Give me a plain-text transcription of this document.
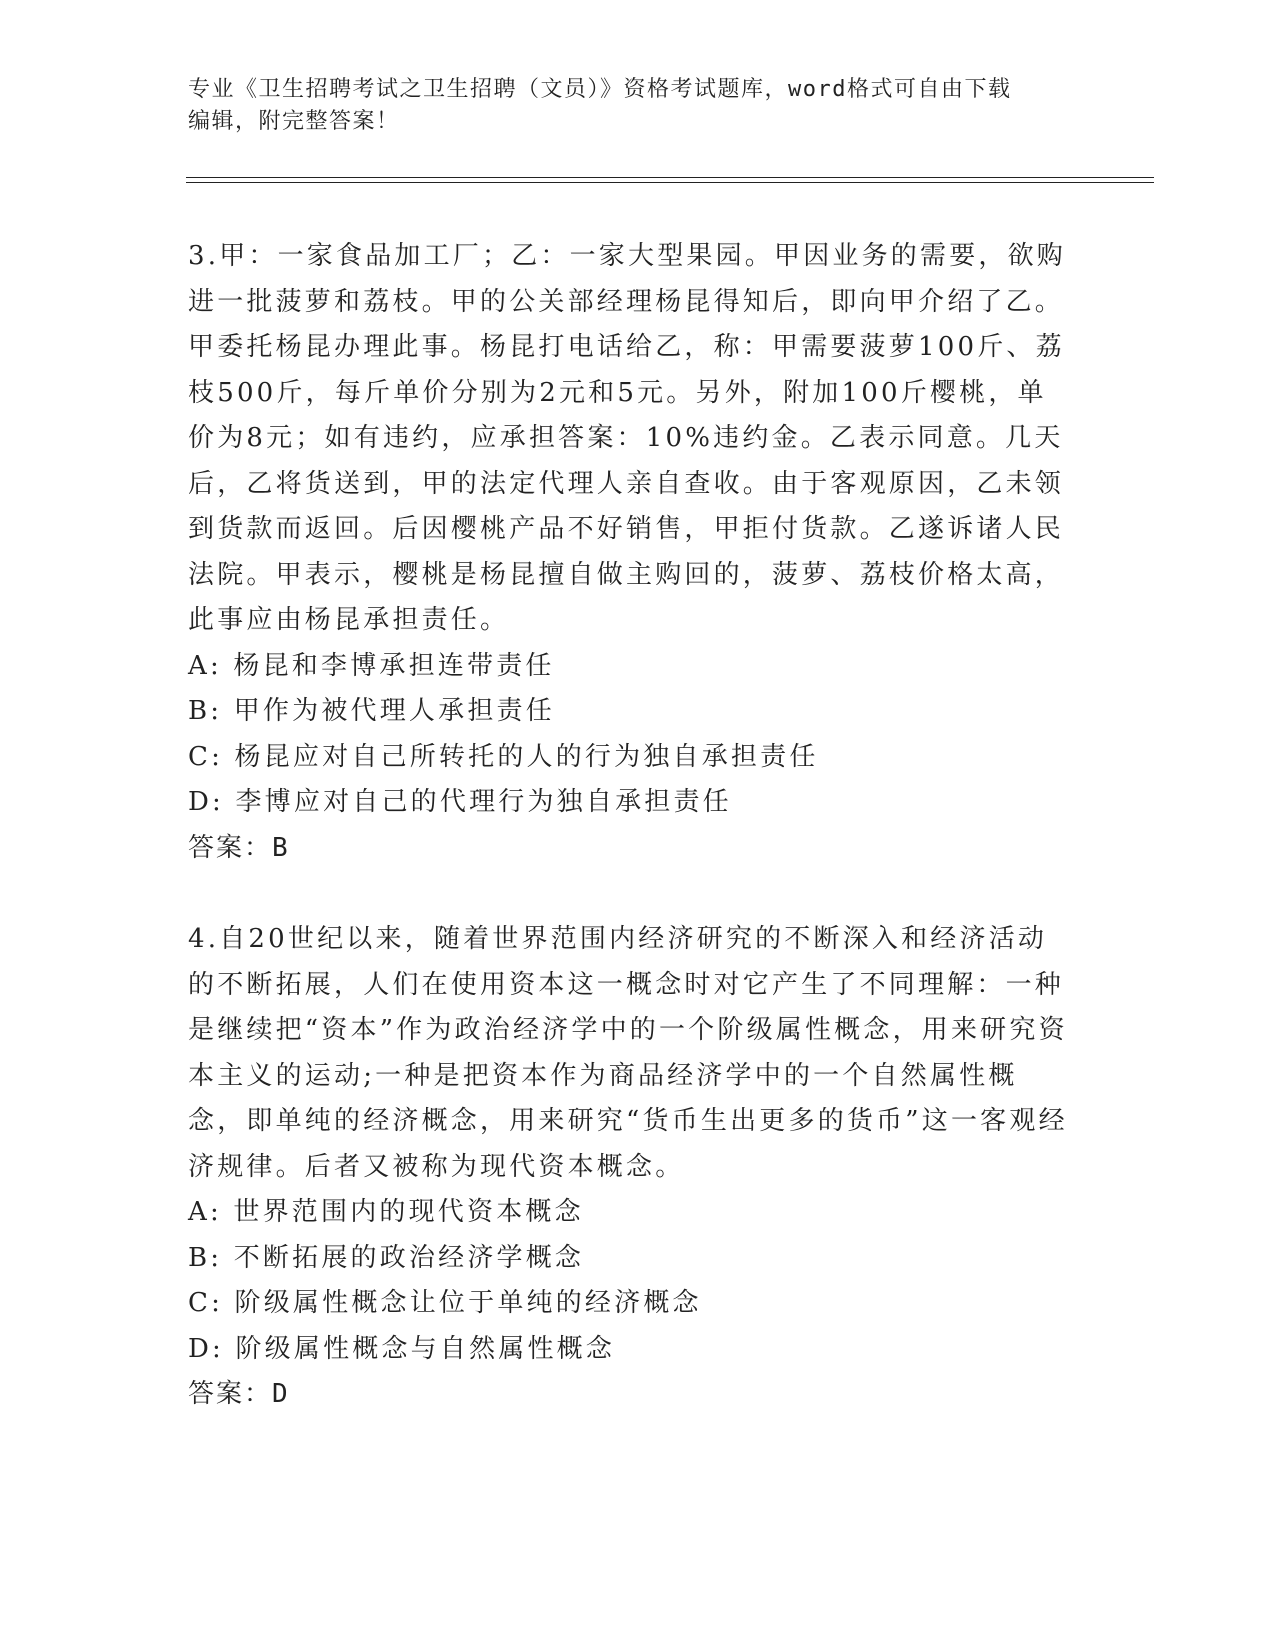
专业《卫生招聘考试之卫生招聘（文员）》资格考试题库，word格式可自由下载
编辑，附完整答案！

3.甲：一家食品加工厂；乙：一家大型果园。甲因业务的需要，欲购进一批菠萝和荔枝。甲的公关部经理杨昆得知后，即向甲介绍了乙。甲委托杨昆办理此事。杨昆打电话给乙，称：甲需要菠萝100斤、荔枝500斤，每斤单价分别为2元和5元。另外，附加100斤樱桃，单价为8元；如有违约，应承担答案：10%违约金。乙表示同意。几天后，乙将货送到，甲的法定代理人亲自查收。由于客观原因，乙未领到货款而返回。后因樱桃产品不好销售，甲拒付货款。乙遂诉诸人民法院。甲表示，樱桃是杨昆擅自做主购回的，菠萝、荔枝价格太高，此事应由杨昆承担责任。

A: 杨昆和李博承担连带责任

B: 甲作为被代理人承担责任

C: 杨昆应对自己所转托的人的行为独自承担责任

D: 李博应对自己的代理行为独自承担责任

答案：B

4.自20世纪以来，随着世界范围内经济研究的不断深入和经济活动的不断拓展，人们在使用资本这一概念时对它产生了不同理解：一种是继续把“资本”作为政治经济学中的一个阶级属性概念，用来研究资本主义的运动;一种是把资本作为商品经济学中的一个自然属性概念，即单纯的经济概念，用来研究“货币生出更多的货币”这一客观经济规律。后者又被称为现代资本概念。

A: 世界范围内的现代资本概念

B: 不断拓展的政治经济学概念

C: 阶级属性概念让位于单纯的经济概念

D: 阶级属性概念与自然属性概念

答案：D
